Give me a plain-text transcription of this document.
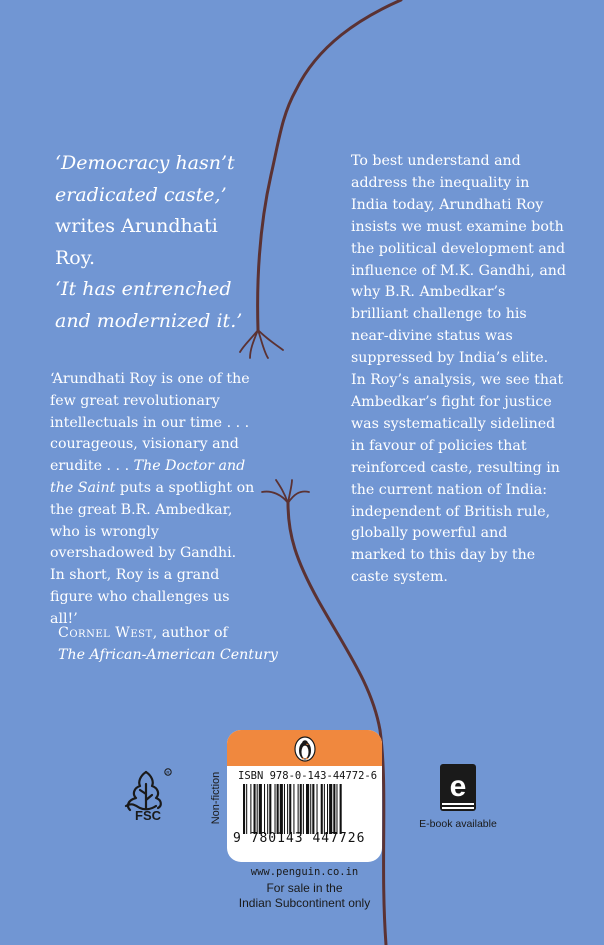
‘Democracy hasn’t
eradicated caste,’
writes Arundhati Roy.
‘It has entrenched
and modernized it.’
To best understand and address the inequality in India today, Arundhati Roy insists we must examine both the political development and influence of M.K. Gandhi, and why B.R. Ambedkar’s brilliant challenge to his near-divine status was suppressed by India’s elite. In Roy’s analysis, we see that Ambedkar’s fight for justice was systematically sidelined in favour of policies that reinforced caste, resulting in the current nation of India: independent of British rule, globally powerful and marked to this day by the caste system.
‘Arundhati Roy is one of the few great revolutionary intellectuals in our time . . . courageous, visionary and erudite . . . The Doctor and the Saint puts a spotlight on the great B.R. Ambedkar, who is wrongly overshadowed by Gandhi. In short, Roy is a grand figure who challenges us all!’
Cornel West, author of
The African-American Century
R
FSC	Non-fiction ISBN 978-0-143-44772-6
9 780143 447726
www.penguin.co.in
For sale in the
Indian Subcontinent only
e
E-book available
